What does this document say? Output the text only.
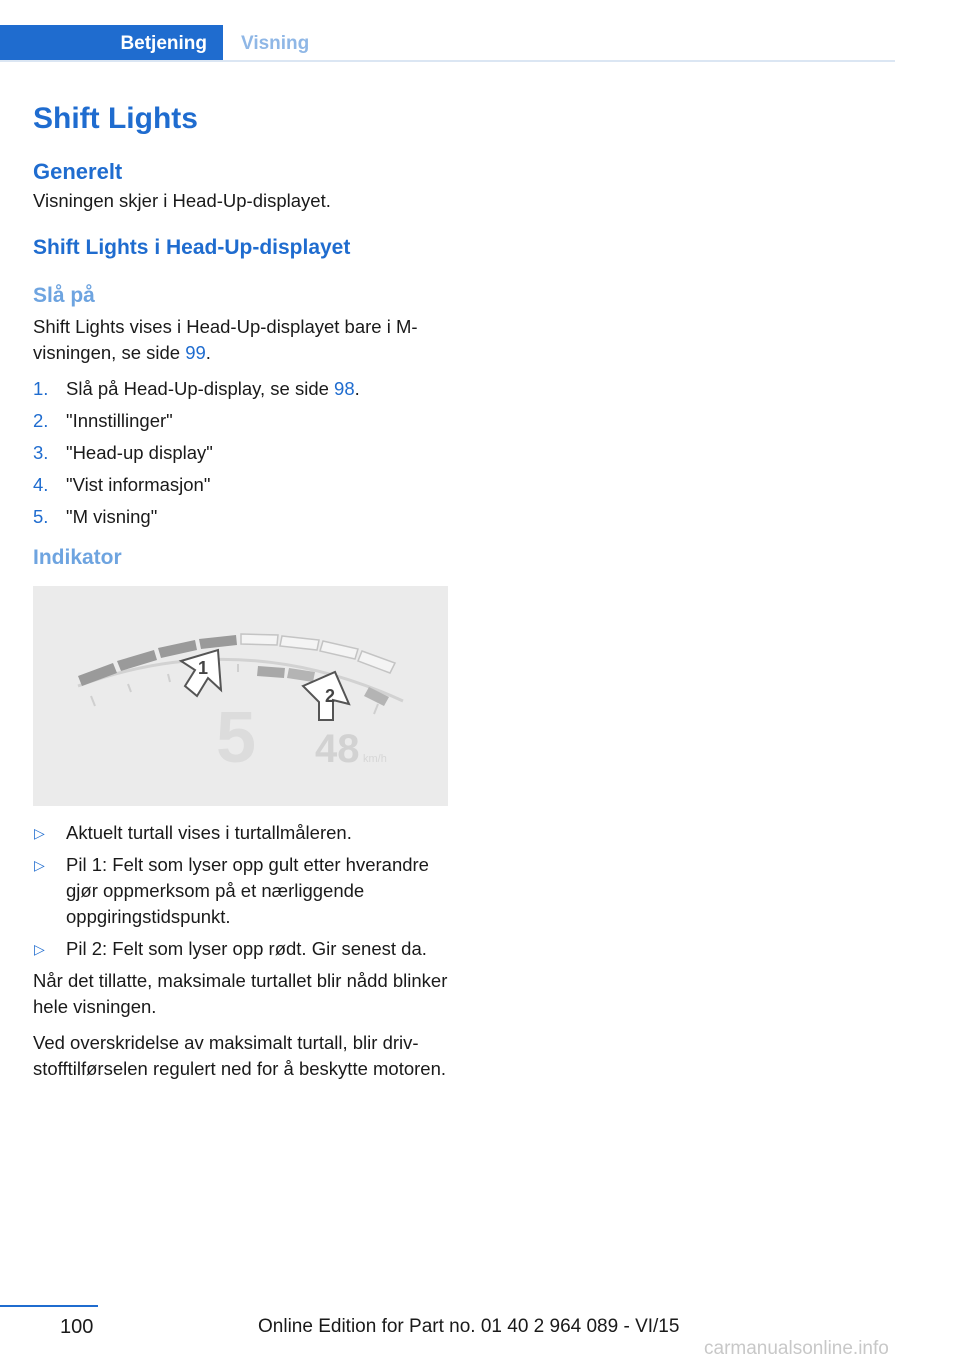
Betjening	Visning
Shift Lights
Generelt

Visningen skjer i Head-Up-displayet.

Shift Lights i Head-Up-displayet
Slå på

Shift Lights vises i Head-Up-displayet bare i M-visningen, se side 99.

1. Slå på Head-Up-display, se side 98.
2. "Innstillinger"
3. "Head-up display"
4. "Vist informasjon"
5. "M visning"
Indikator
1
2
5 48 km/h
▷ Aktuelt turtall vises i turtallmåleren.
▷ Pil 1: Felt som lyser opp gult etter hverandre gjør oppmerksom på et nærliggende oppgiringstidspunkt.
▷ Pil 2: Felt som lyser opp rødt. Gir senest da.

Når det tillatte, maksimale turtallet blir nådd blinker hele visningen.

Ved overskridelse av maksimalt turtall, blir drivstofftilførselen regulert ned for å beskytte motoren.

100	Online Edition for Part no. 01 40 2 964 089 - VI/15
carmanualsonline.info
